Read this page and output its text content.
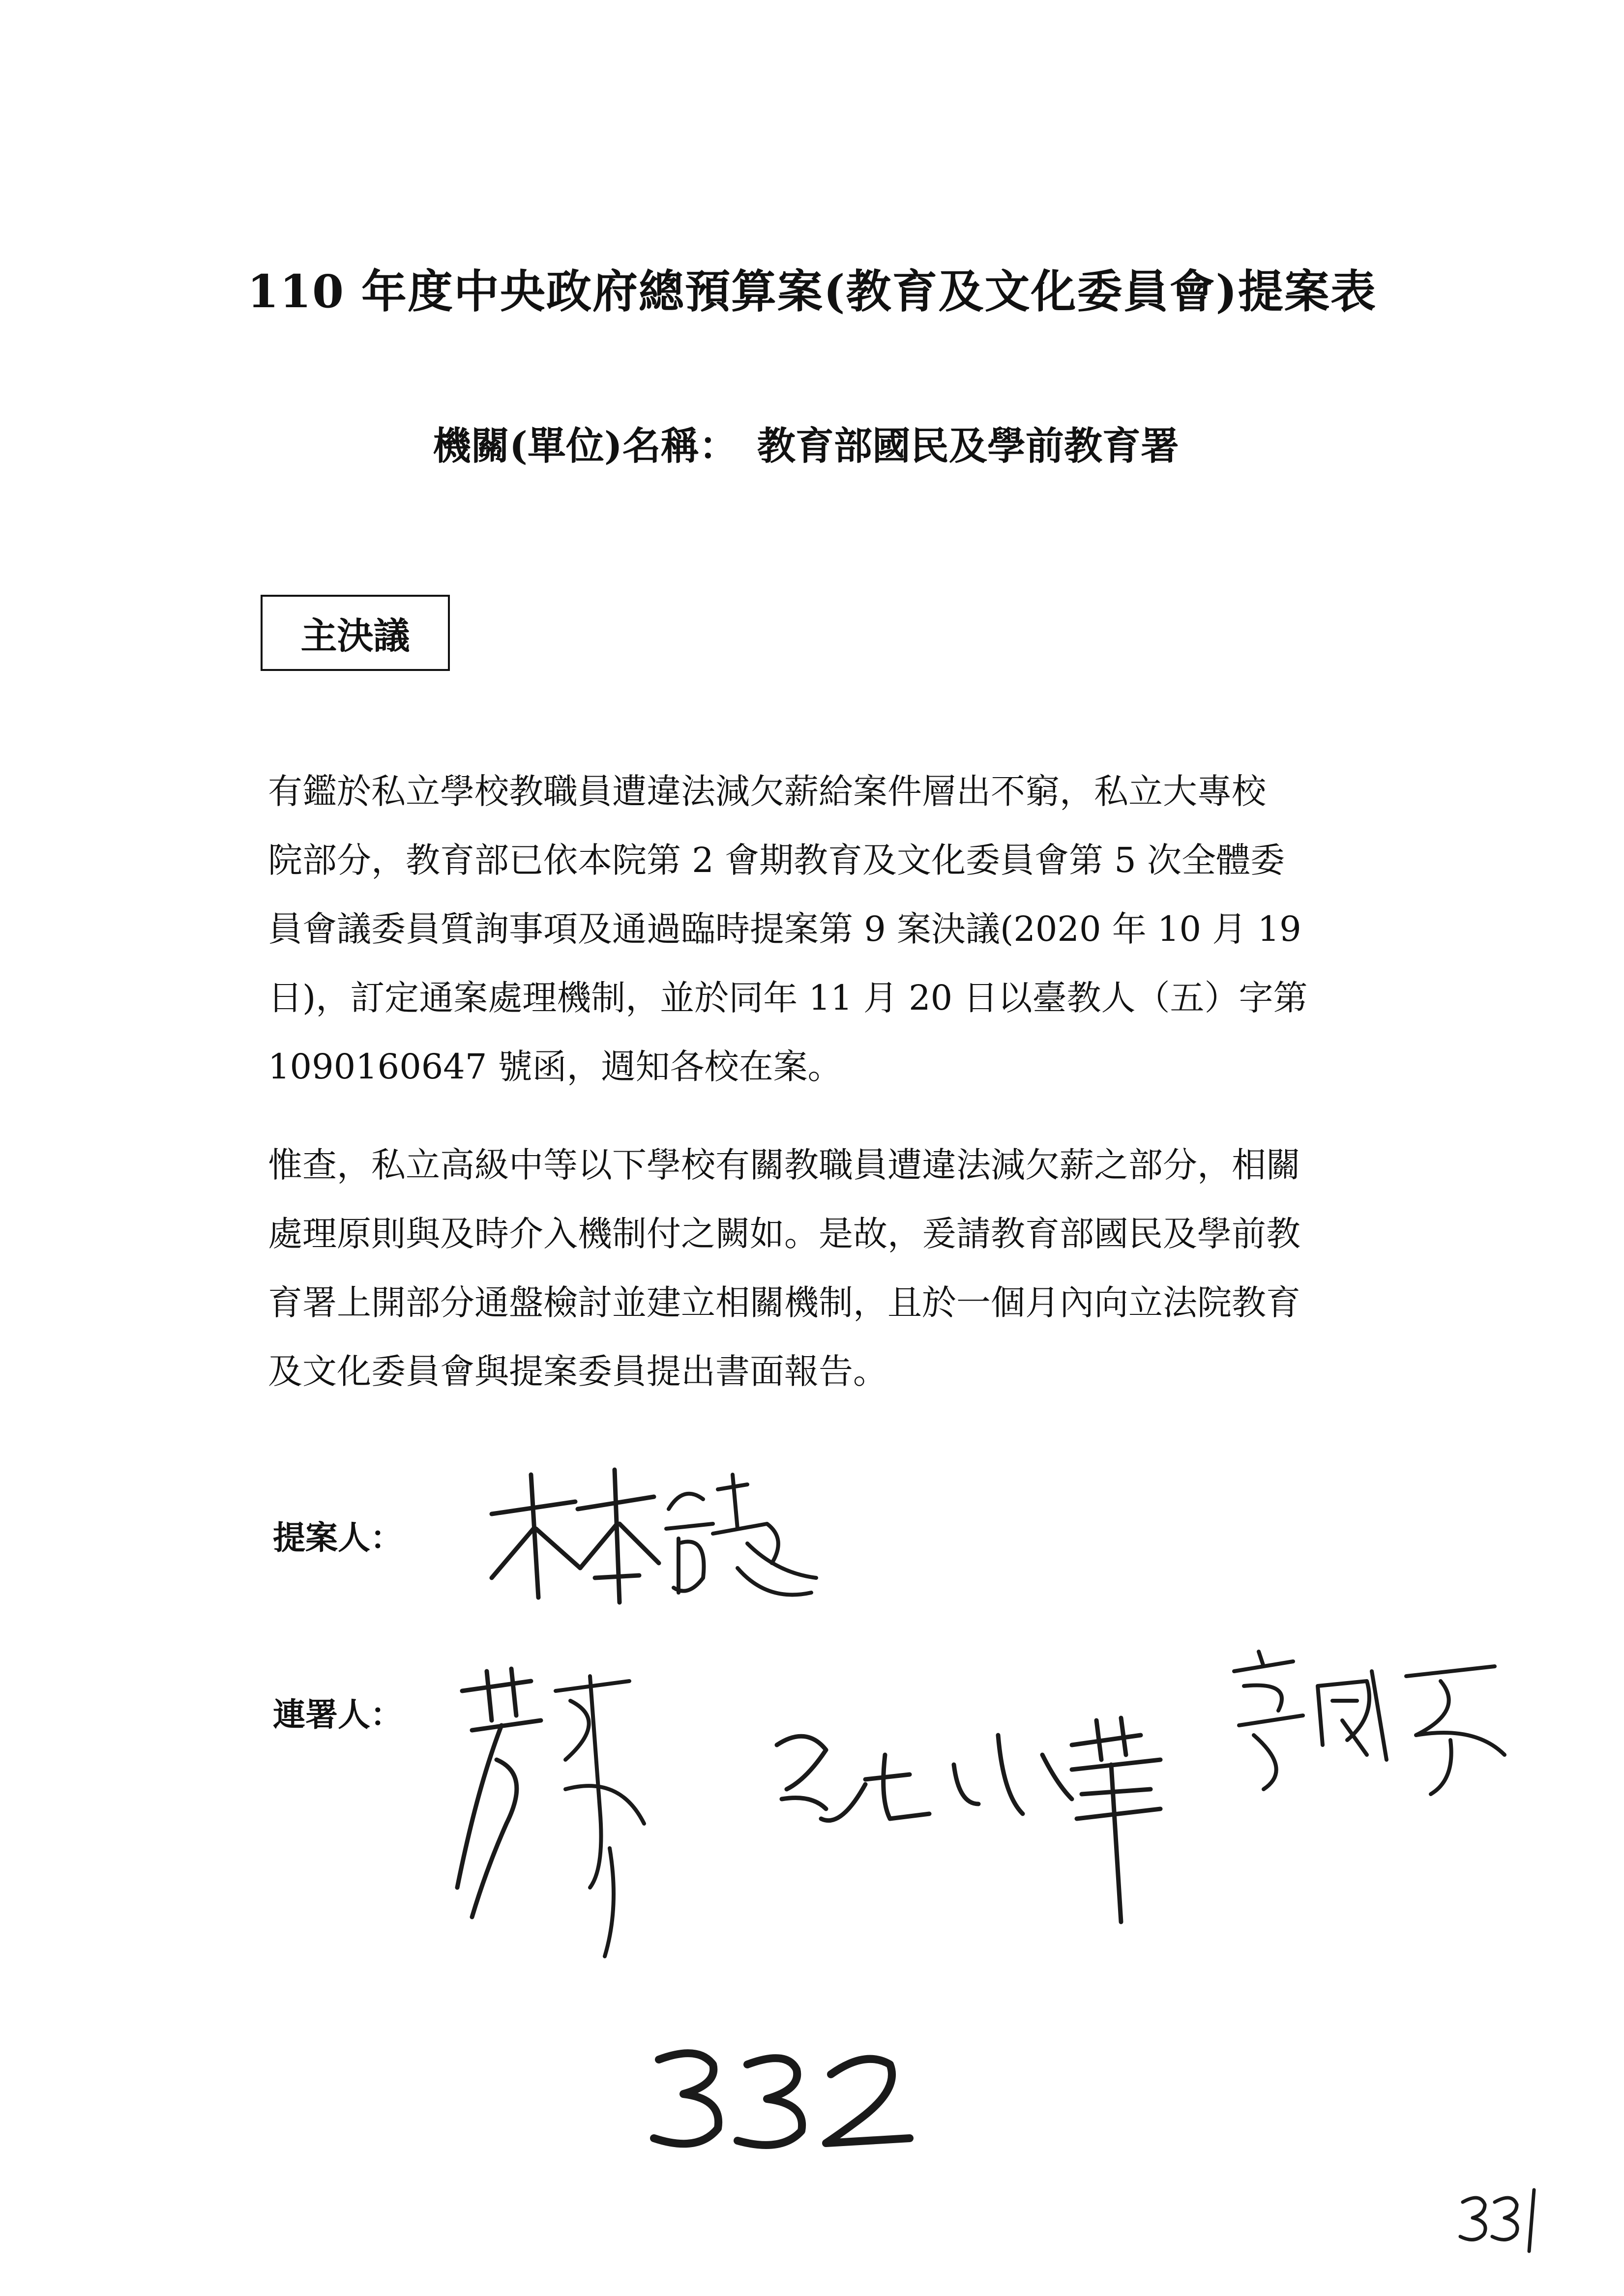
110 年度中央政府總預算案(教育及文化委員會)提案表
機關(單位)名稱： 教育部國民及學前教育署
主決議
有鑑於私立學校教職員遭違法減欠薪給案件層出不窮，私立大專校
院部分，教育部已依本院第 2 會期教育及文化委員會第 5 次全體委
員會議委員質詢事項及通過臨時提案第 9 案決議(2020 年 10 月 19
日)，訂定通案處理機制，並於同年 11 月 20 日以臺教人（五）字第
1090160647 號函，週知各校在案。
惟查，私立高級中等以下學校有關教職員遭違法減欠薪之部分，相關
處理原則與及時介入機制付之闕如。是故，爰請教育部國民及學前教
育署上開部分通盤檢討並建立相關機制，且於一個月內向立法院教育
及文化委員會與提案委員提出書面報告。
提案人：
連署人：
